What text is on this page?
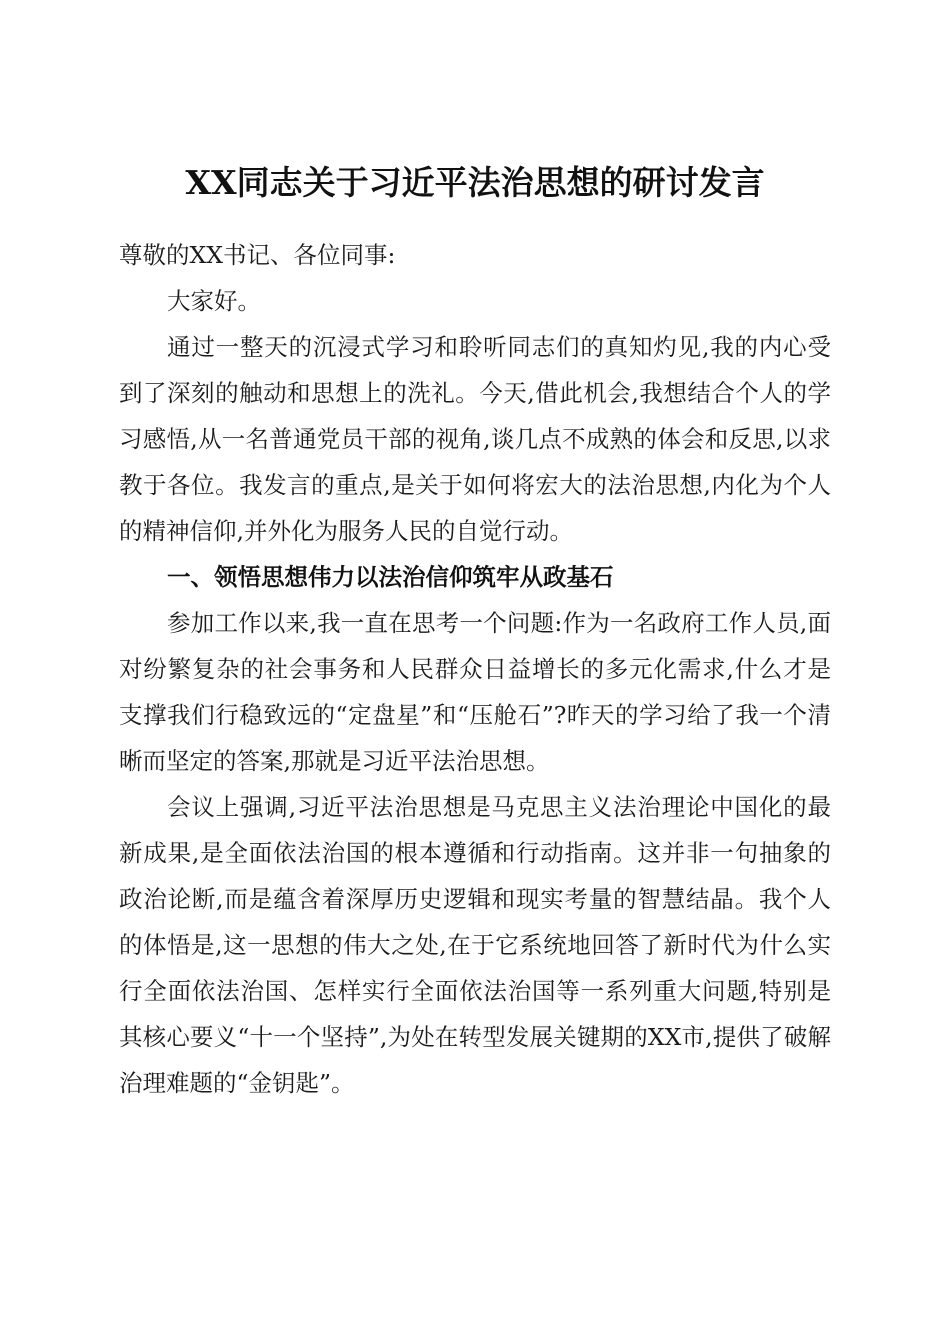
XX同志关于习近平法治思想的研讨发言

尊敬的XX书记、各位同事:

大家好。

通过一整天的沉浸式学习和聆听同志们的真知灼见,我的内心受到了深刻的触动和思想上的洗礼。今天,借此机会,我想结合个人的学习感悟,从一名普通党员干部的视角,谈几点不成熟的体会和反思,以求教于各位。我发言的重点,是关于如何将宏大的法治思想,内化为个人的精神信仰,并外化为服务人民的自觉行动。

一、领悟思想伟力以法治信仰筑牢从政基石

参加工作以来,我一直在思考一个问题:作为一名政府工作人员,面对纷繁复杂的社会事务和人民群众日益增长的多元化需求,什么才是支撑我们行稳致远的“定盘星”和“压舱石”?昨天的学习给了我一个清晰而坚定的答案,那就是习近平法治思想。

会议上强调,习近平法治思想是马克思主义法治理论中国化的最新成果,是全面依法治国的根本遵循和行动指南。这并非一句抽象的政治论断,而是蕴含着深厚历史逻辑和现实考量的智慧结晶。我个人的体悟是,这一思想的伟大之处,在于它系统地回答了新时代为什么实行全面依法治国、怎样实行全面依法治国等一系列重大问题,特别是其核心要义“十一个坚持”,为处在转型发展关键期的XX市,提供了破解治理难题的“金钥匙”。
